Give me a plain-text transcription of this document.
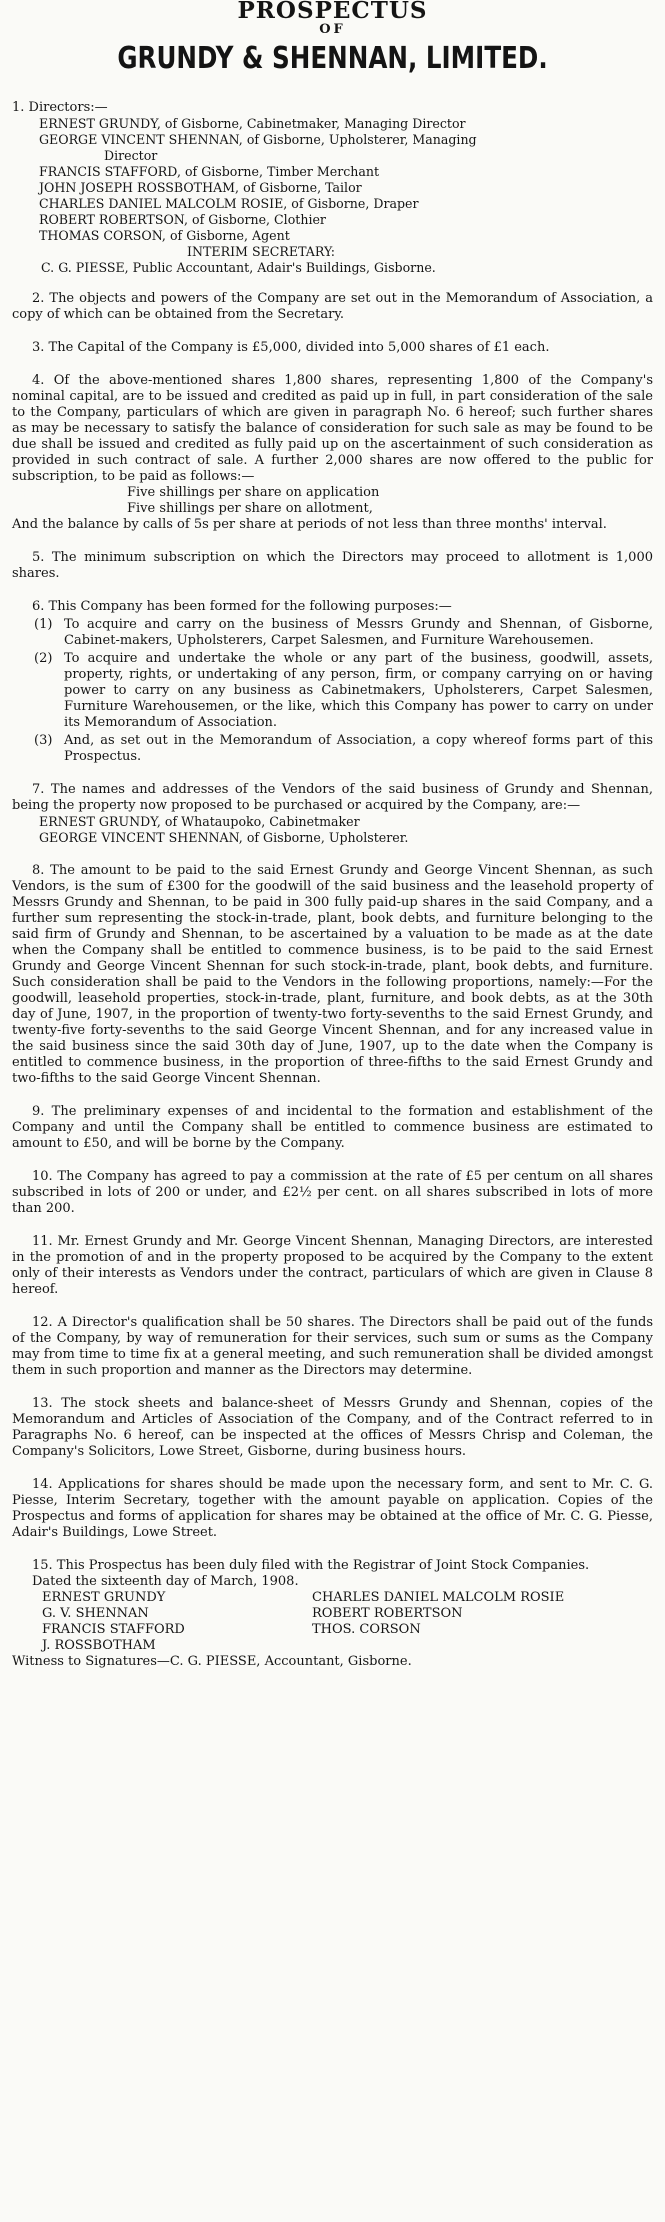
PROSPECTUS
OF
GRUNDY & SHENNAN, LIMITED.

1. Directors:—

ERNEST GRUNDY, of Gisborne, Cabinetmaker, Managing Director

GEORGE VINCENT SHENNAN, of Gisborne, Upholsterer, Managing

Director

FRANCIS STAFFORD, of Gisborne, Timber Merchant

JOHN JOSEPH ROSSBOTHAM, of Gisborne, Tailor

CHARLES DANIEL MALCOLM ROSIE, of Gisborne, Draper

ROBERT ROBERTSON, of Gisborne, Clothier

THOMAS CORSON, of Gisborne, Agent

INTERIM SECRETARY:

C. G. PIESSE, Public Accountant, Adair's Buildings, Gisborne.

2. The objects and powers of the Company are set out in the Memorandum of Association, a copy of which can be obtained from the Secretary.

3. The Capital of the Company is £5,000, divided into 5,000 shares of £1 each.

4. Of the above-mentioned shares 1,800 shares, representing 1,800 of the Company's nominal capital, are to be issued and credited as paid up in full, in part consideration of the sale to the Company, particulars of which are given in paragraph No. 6 hereof; such further shares as may be necessary to satisfy the balance of consideration for such sale as may be found to be due shall be issued and credited as fully paid up on the ascertainment of such consideration as provided in such contract of sale. A further 2,000 shares are now offered to the public for subscription, to be paid as follows:—

Five shillings per share on application

Five shillings per share on allotment,

And the balance by calls of 5s per share at periods of not less than three months' interval.

5. The minimum subscription on which the Directors may proceed to allotment is 1,000 shares.

6. This Company has been formed for the following purposes:—

(1) To acquire and carry on the business of Messrs Grundy and Shennan, of Gisborne, Cabinet-makers, Upholsterers, Carpet Salesmen, and Furniture Warehousemen.
(2) To acquire and undertake the whole or any part of the business, goodwill, assets, property, rights, or undertaking of any person, firm, or company carrying on or having power to carry on any business as Cabinetmakers, Upholsterers, Carpet Salesmen, Furniture Warehousemen, or the like, which this Company has power to carry on under its Memorandum of Association.
(3) And, as set out in the Memorandum of Association, a copy whereof forms part of this Prospectus.

7. The names and addresses of the Vendors of the said business of Grundy and Shennan, being the property now proposed to be purchased or acquired by the Company, are:—

ERNEST GRUNDY, of Whataupoko, Cabinetmaker

GEORGE VINCENT SHENNAN, of Gisborne, Upholsterer.

8. The amount to be paid to the said Ernest Grundy and George Vincent Shennan, as such Vendors, is the sum of £300 for the goodwill of the said business and the leasehold property of Messrs Grundy and Shennan, to be paid in 300 fully paid-up shares in the said Company, and a further sum representing the stock-in-trade, plant, book debts, and furniture belonging to the said firm of Grundy and Shennan, to be ascertained by a valuation to be made as at the date when the Company shall be entitled to commence business, is to be paid to the said Ernest Grundy and George Vincent Shennan for such stock-in-trade, plant, book debts, and furniture. Such consideration shall be paid to the Vendors in the following proportions, namely:—For the goodwill, leasehold properties, stock-in-trade, plant, furniture, and book debts, as at the 30th day of June, 1907, in the proportion of twenty-two forty-sevenths to the said Ernest Grundy, and twenty-five forty-sevenths to the said George Vincent Shennan, and for any increased value in the said business since the said 30th day of June, 1907, up to the date when the Company is entitled to commence business, in the proportion of three-fifths to the said Ernest Grundy and two-fifths to the said George Vincent Shennan.

9. The preliminary expenses of and incidental to the formation and establishment of the Company and until the Company shall be entitled to commence business are estimated to amount to £50, and will be borne by the Company.

10. The Company has agreed to pay a commission at the rate of £5 per centum on all shares subscribed in lots of 200 or under, and £2½ per cent. on all shares subscribed in lots of more than 200.

11. Mr. Ernest Grundy and Mr. George Vincent Shennan, Managing Directors, are interested in the promotion of and in the property proposed to be acquired by the Company to the extent only of their interests as Vendors under the contract, particulars of which are given in Clause 8 hereof.

12. A Director's qualification shall be 50 shares. The Directors shall be paid out of the funds of the Company, by way of remuneration for their services, such sum or sums as the Company may from time to time fix at a general meeting, and such remuneration shall be divided amongst them in such proportion and manner as the Directors may determine.

13. The stock sheets and balance-sheet of Messrs Grundy and Shennan, copies of the Memorandum and Articles of Association of the Company, and of the Contract referred to in Paragraphs No. 6 hereof, can be inspected at the offices of Messrs Chrisp and Coleman, the Company's Solicitors, Lowe Street, Gisborne, during business hours.

14. Applications for shares should be made upon the necessary form, and sent to Mr. C. G. Piesse, Interim Secretary, together with the amount payable on application. Copies of the Prospectus and forms of application for shares may be obtained at the office of Mr. C. G. Piesse, Adair's Buildings, Lowe Street.

15. This Prospectus has been duly filed with the Registrar of Joint Stock Companies.

Dated the sixteenth day of March, 1908.

ERNEST GRUNDY	CHARLES DANIEL MALCOLM ROSIE
G. V. SHENNAN	ROBERT ROBERTSON
FRANCIS STAFFORD	THOS. CORSON
J. ROSSBOTHAM

Witness to Signatures—C. G. PIESSE, Accountant, Gisborne.
